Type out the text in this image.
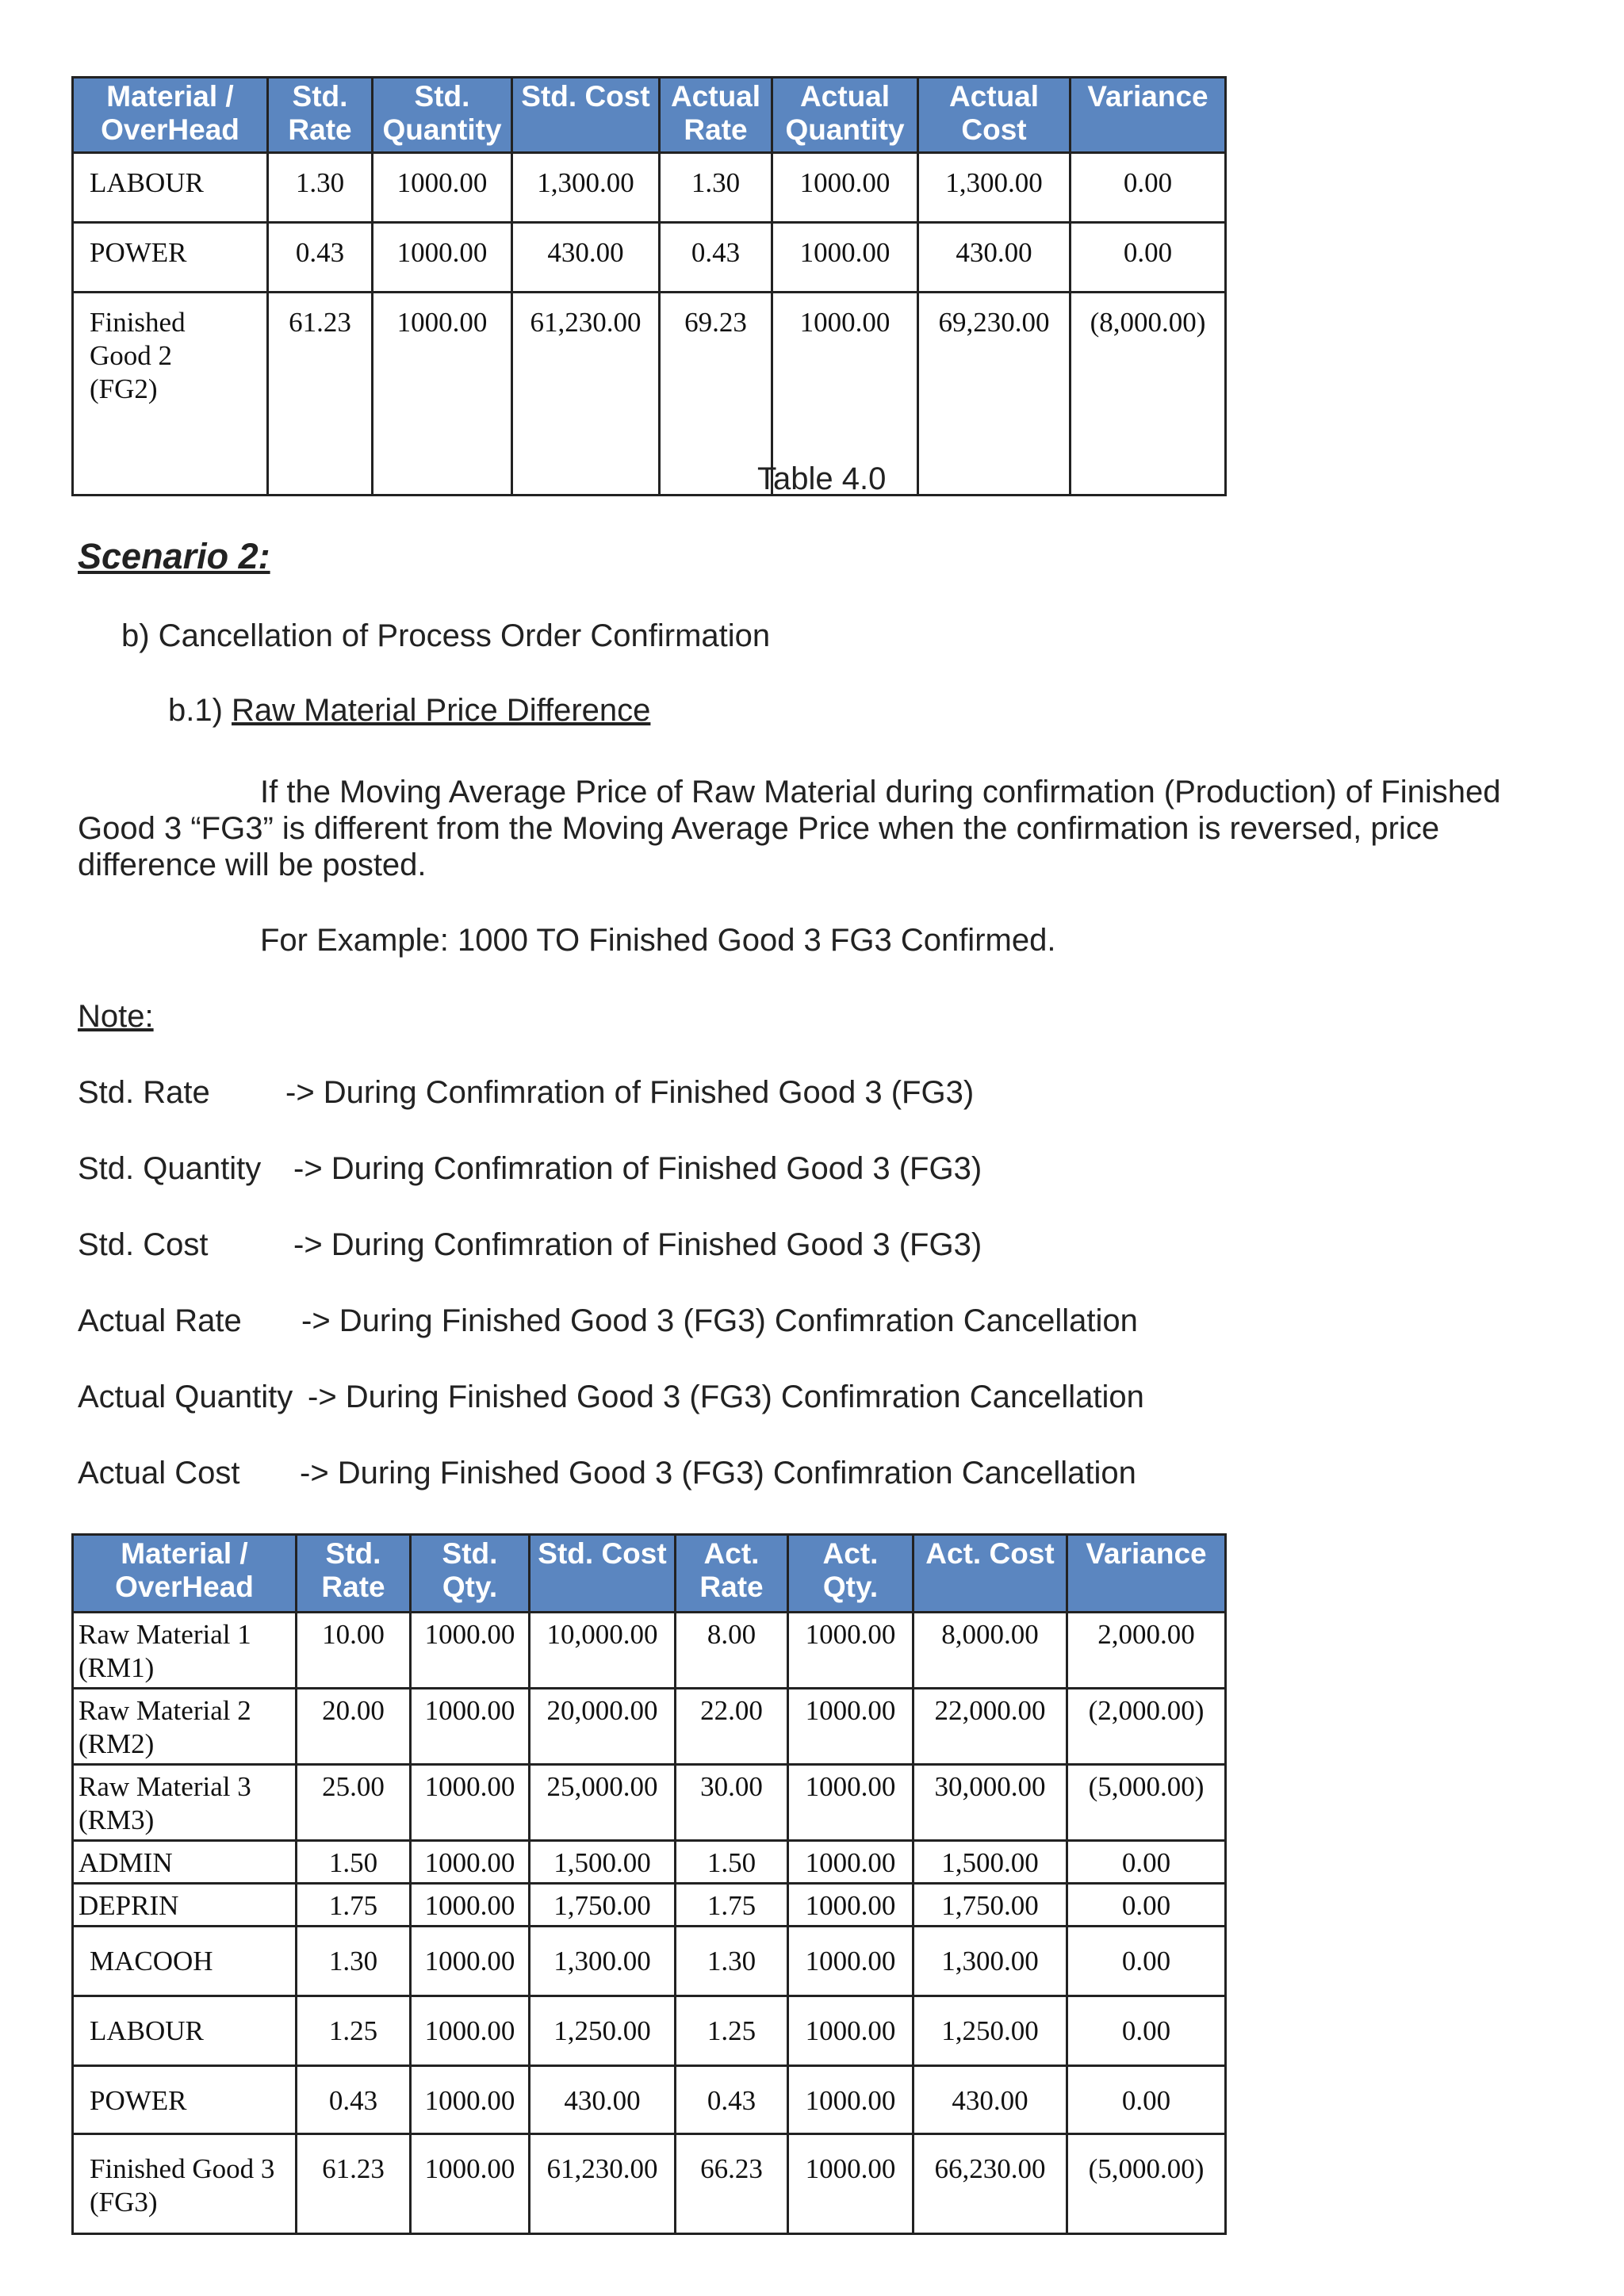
Material / OverHead	Std. Rate	Std. Quantity	Std. Cost	Actual Rate	Actual Quantity	Actual Cost	Variance
LABOUR	1.30	1000.00	1,300.00	1.30	1000.00	1,300.00	0.00
POWER	0.43	1000.00	430.00	0.43	1000.00	430.00	0.00
Finished Good 2 (FG2)	61.23	1000.00	61,230.00	69.23	1000.00	69,230.00	(8,000.00)
Table 4.0
Scenario 2:
b) Cancellation of Process Order Confirmation
b.1) Raw Material Price Difference
If the Moving Average Price of Raw Material during confirmation (Production) of Finished Good 3 “FG3” is different from the Moving Average Price when the confirmation is reversed, price difference will be posted.
For Example: 1000 TO Finished Good 3 FG3 Confirmed.
Note:
Std. Rate -> During Confimration of Finished Good 3 (FG3)
Std. Quantity -> During Confimration of Finished Good 3 (FG3)
Std. Cost	-> During Confimration of Finished Good 3 (FG3)
Actual Rate -> During Finished Good 3 (FG3) Confimration Cancellation
Actual Quantity -> During Finished Good 3 (FG3) Confimration Cancellation
Actual Cost -> During Finished Good 3 (FG3) Confimration Cancellation
Material / OverHead	Std. Rate	Std. Qty.	Std. Cost	Act. Rate	Act. Qty.	Act. Cost	Variance
Raw Material 1 (RM1)	10.00	1000.00	10,000.00	8.00	1000.00	8,000.00	2,000.00
Raw Material 2 (RM2)	20.00	1000.00	20,000.00	22.00	1000.00	22,000.00	(2,000.00)
Raw Material 3 (RM3)	25.00	1000.00	25,000.00	30.00	1000.00	30,000.00	(5,000.00)
ADMIN	1.50	1000.00	1,500.00	1.50	1000.00	1,500.00	0.00
DEPRIN	1.75	1000.00	1,750.00	1.75	1000.00	1,750.00	0.00
MACOOH	1.30	1000.00	1,300.00	1.30	1000.00	1,300.00	0.00
LABOUR	1.25	1000.00	1,250.00	1.25	1000.00	1,250.00	0.00
POWER	0.43	1000.00	430.00	0.43	1000.00	430.00	0.00
Finished Good 3 (FG3)	61.23	1000.00	61,230.00	66.23	1000.00	66,230.00	(5,000.00)
